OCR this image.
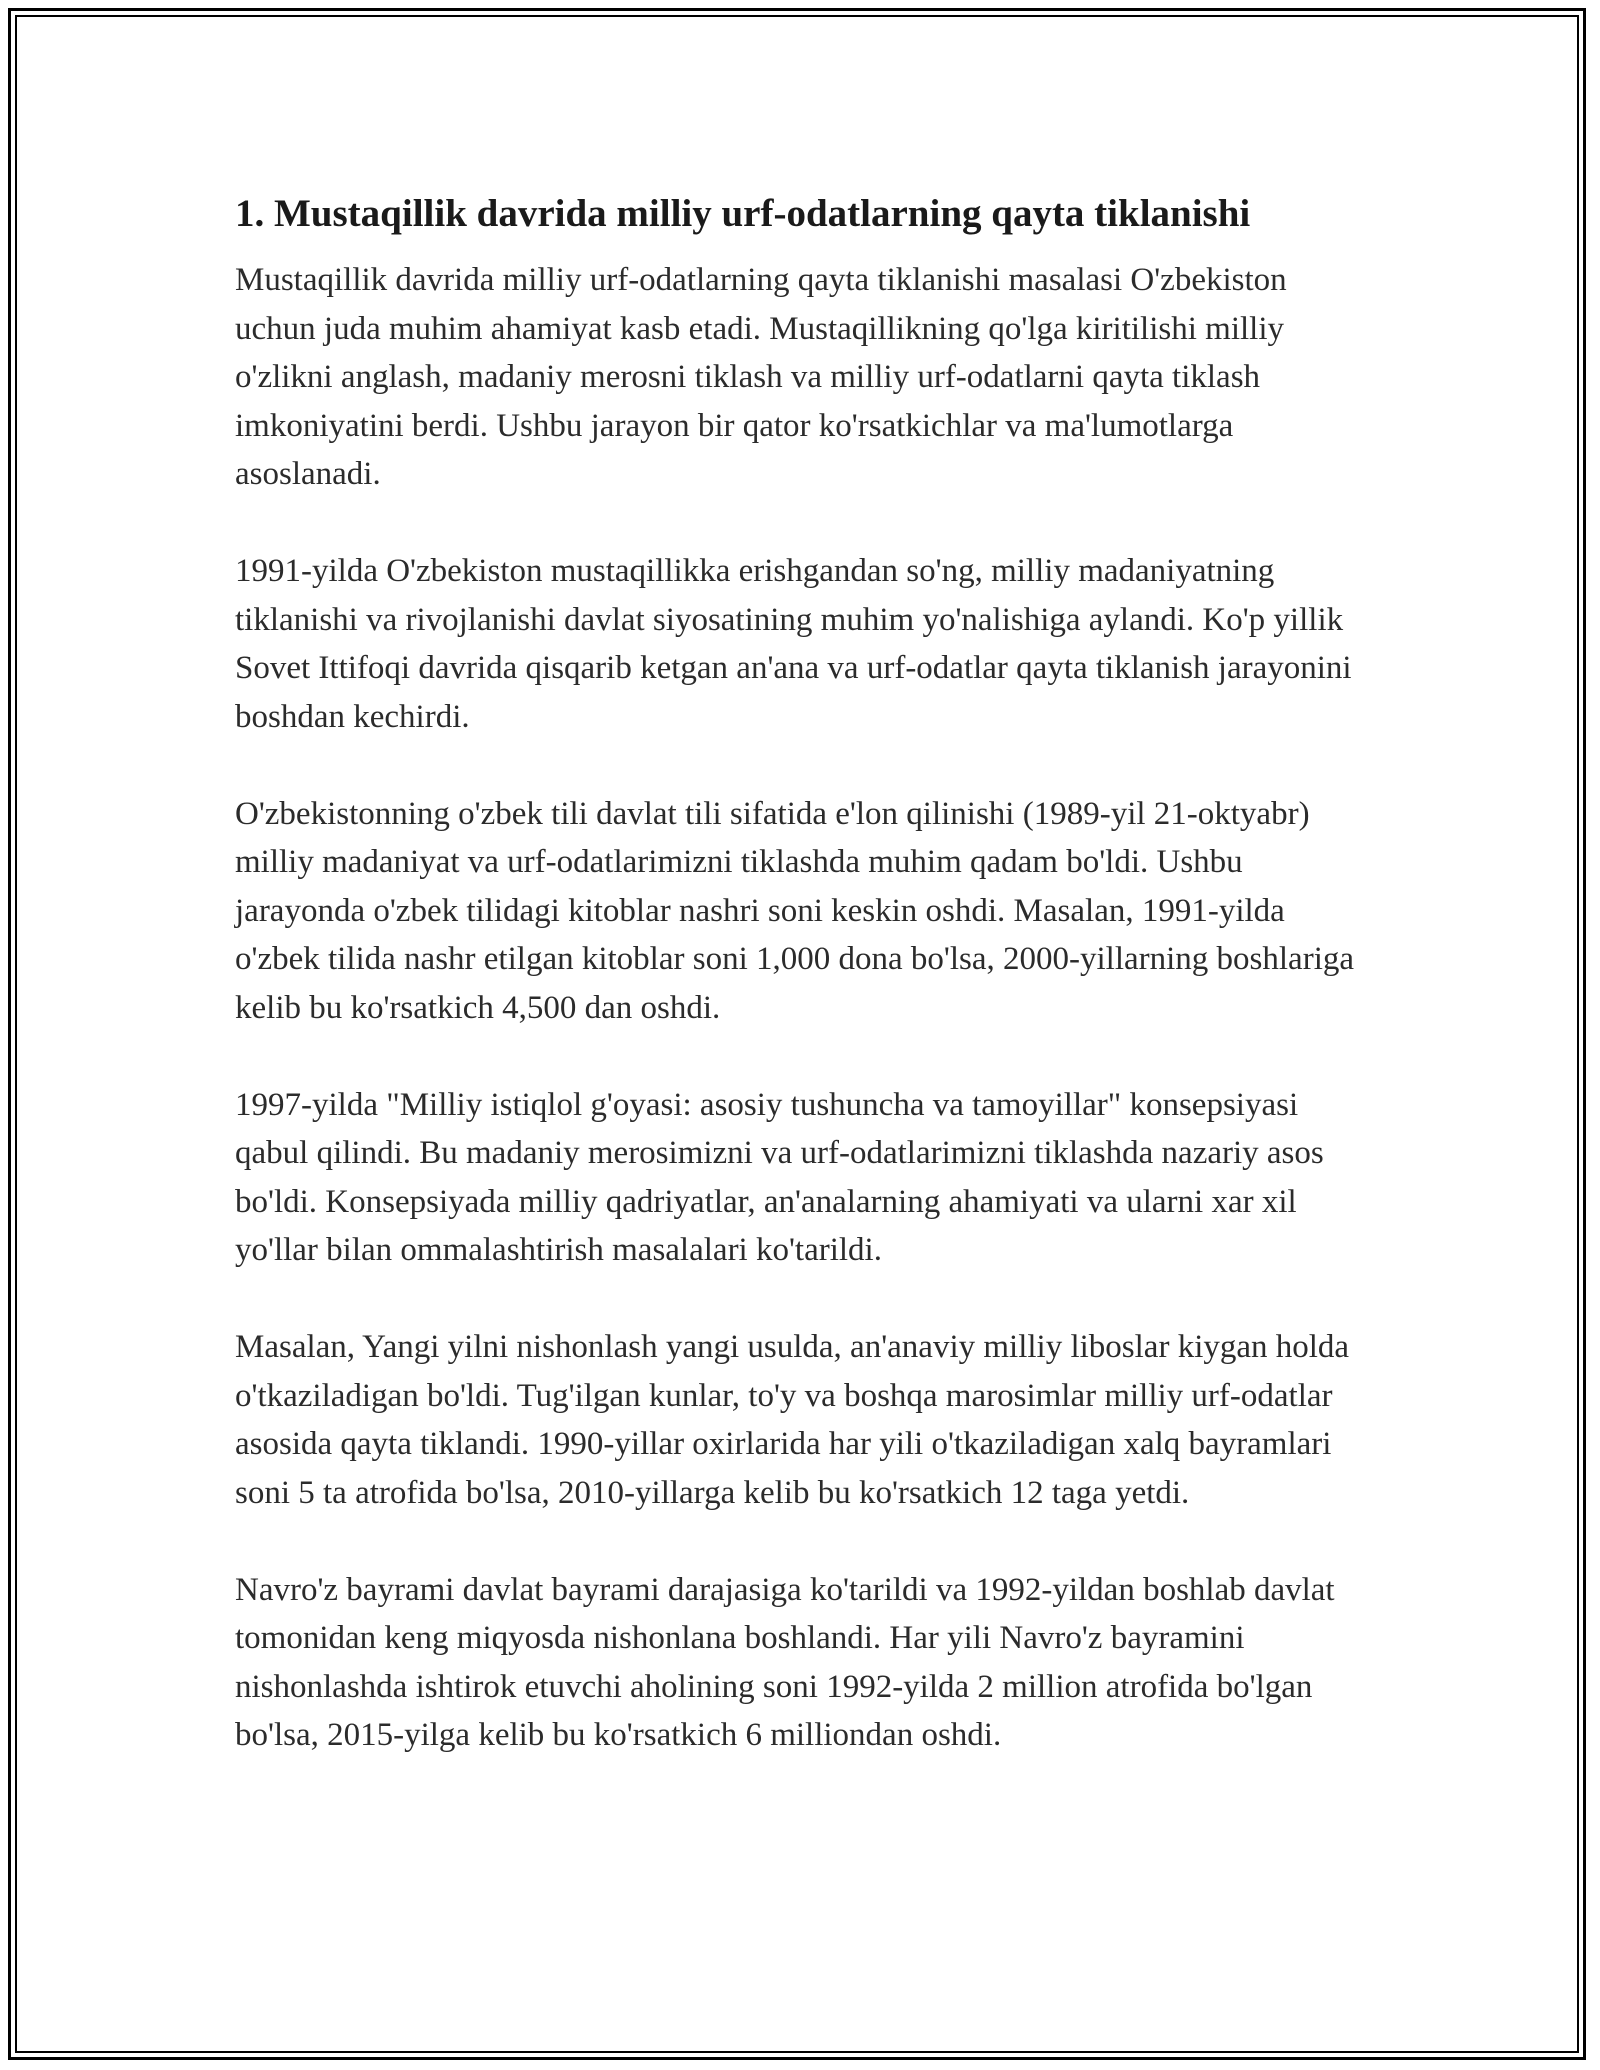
1. Mustaqillik davrida milliy urf-odatlarning qayta tiklanishi

Mustaqillik davrida milliy urf-odatlarning qayta tiklanishi masalasi O'zbekiston uchun juda muhim ahamiyat kasb etadi. Mustaqillikning qo'lga kiritilishi milliy o'zlikni anglash, madaniy merosni tiklash va milliy urf-odatlarni qayta tiklash imkoniyatini berdi. Ushbu jarayon bir qator ko'rsatkichlar va ma'lumotlarga asoslanadi.

1991-yilda O'zbekiston mustaqillikka erishgandan so'ng, milliy madaniyatning tiklanishi va rivojlanishi davlat siyosatining muhim yo'nalishiga aylandi. Ko'p yillik Sovet Ittifoqi davrida qisqarib ketgan an'ana va urf-odatlar qayta tiklanish jarayonini boshdan kechirdi.

O'zbekistonning o'zbek tili davlat tili sifatida e'lon qilinishi (1989-yil 21-oktyabr) milliy madaniyat va urf-odatlarimizni tiklashda muhim qadam bo'ldi. Ushbu jarayonda o'zbek tilidagi kitoblar nashri soni keskin oshdi. Masalan, 1991-yilda o'zbek tilida nashr etilgan kitoblar soni 1,000 dona bo'lsa, 2000-yillarning boshlariga kelib bu ko'rsatkich 4,500 dan oshdi.

1997-yilda "Milliy istiqlol g'oyasi: asosiy tushuncha va tamoyillar" konsepsiyasi qabul qilindi. Bu madaniy merosimizni va urf-odatlarimizni tiklashda nazariy asos bo'ldi. Konsepsiyada milliy qadriyatlar, an'analarning ahamiyati va ularni xar xil yo'llar bilan ommalashtirish masalalari ko'tarildi.

Masalan, Yangi yilni nishonlash yangi usulda, an'anaviy milliy liboslar kiygan holda o'tkaziladigan bo'ldi. Tug'ilgan kunlar, to'y va boshqa marosimlar milliy urf-odatlar asosida qayta tiklandi. 1990-yillar oxirlarida har yili o'tkaziladigan xalq bayramlari soni 5 ta atrofida bo'lsa, 2010-yillarga kelib bu ko'rsatkich 12 taga yetdi.

Navro'z bayrami davlat bayrami darajasiga ko'tarildi va 1992-yildan boshlab davlat tomonidan keng miqyosda nishonlana boshlandi. Har yili Navro'z bayramini nishonlashda ishtirok etuvchi aholining soni 1992-yilda 2 million atrofida bo'lgan bo'lsa, 2015-yilga kelib bu ko'rsatkich 6 milliondan oshdi.
